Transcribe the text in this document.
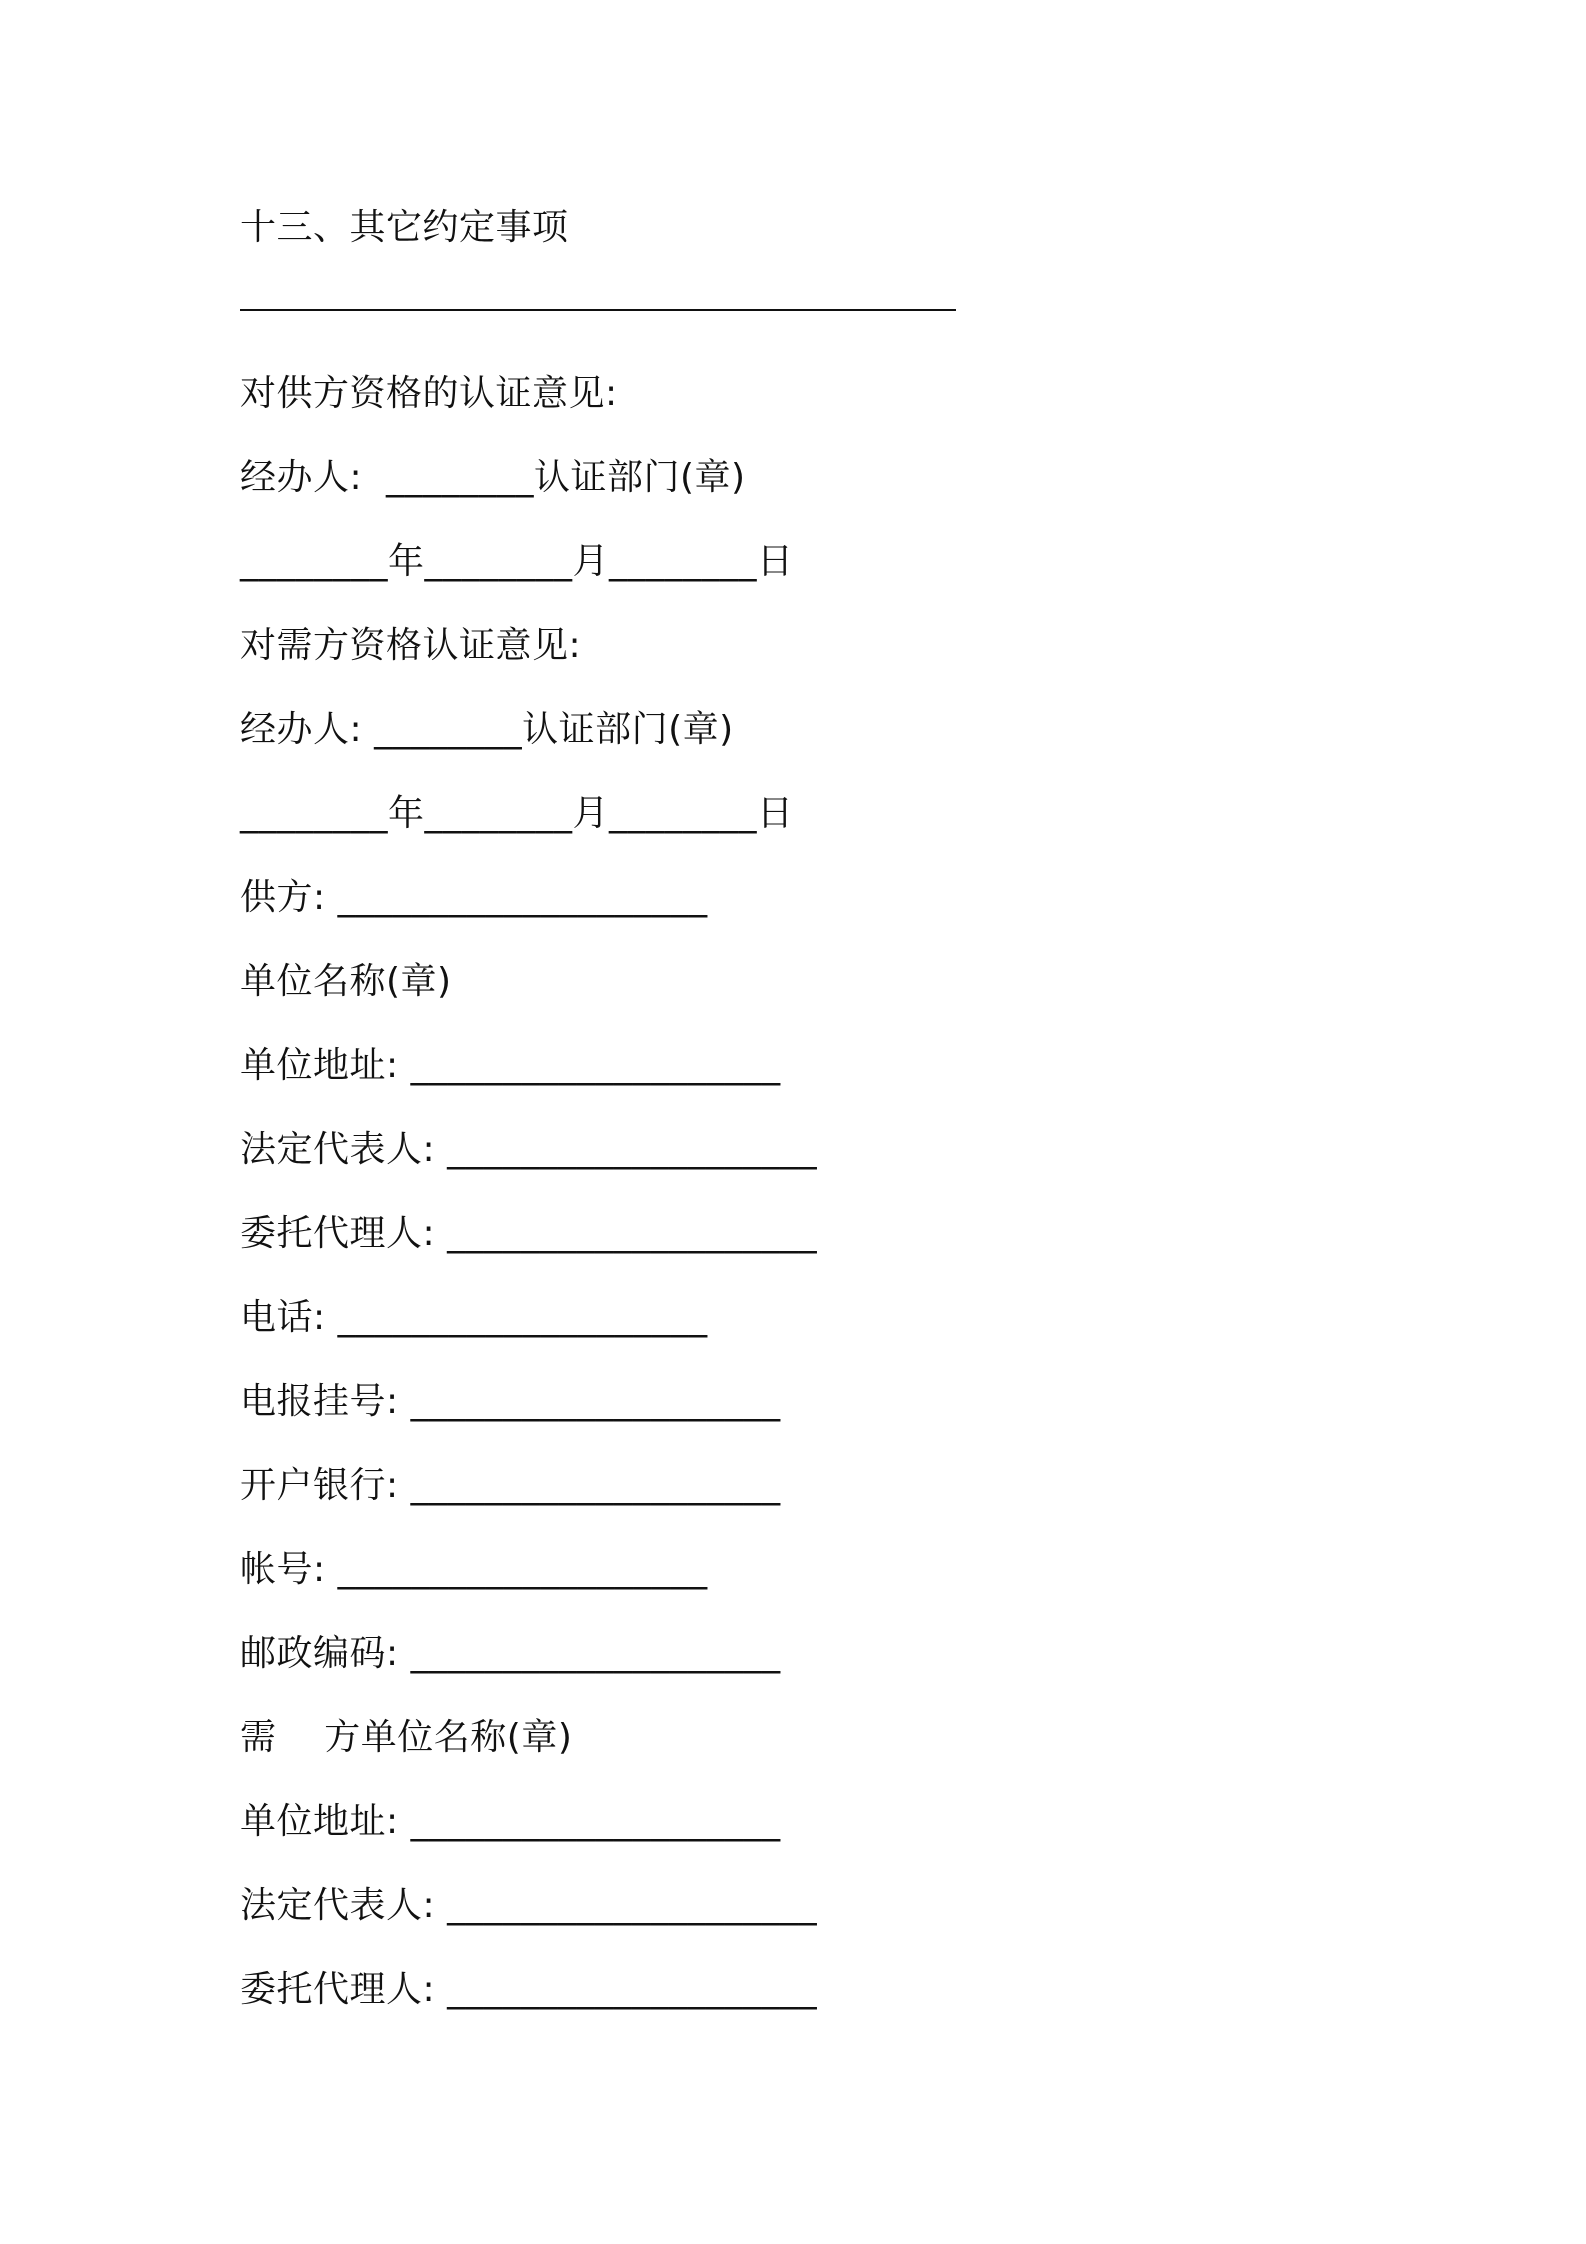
十三、其它约定事项
对供方资格的认证意见:
经办人:  ________认证部门(章)
________年________月________日
对需方资格认证意见:
经办人: ________认证部门(章)
________年________月________日
供方: ____________________
单位名称(章)
单位地址: ____________________
法定代表人: ____________________
委托代理人: ____________________
电话: ____________________
电报挂号: ____________________
开户银行: ____________________
帐号: ____________________
邮政编码: ____________________
需    方单位名称(章)
单位地址: ____________________
法定代表人: ____________________
委托代理人: ____________________
